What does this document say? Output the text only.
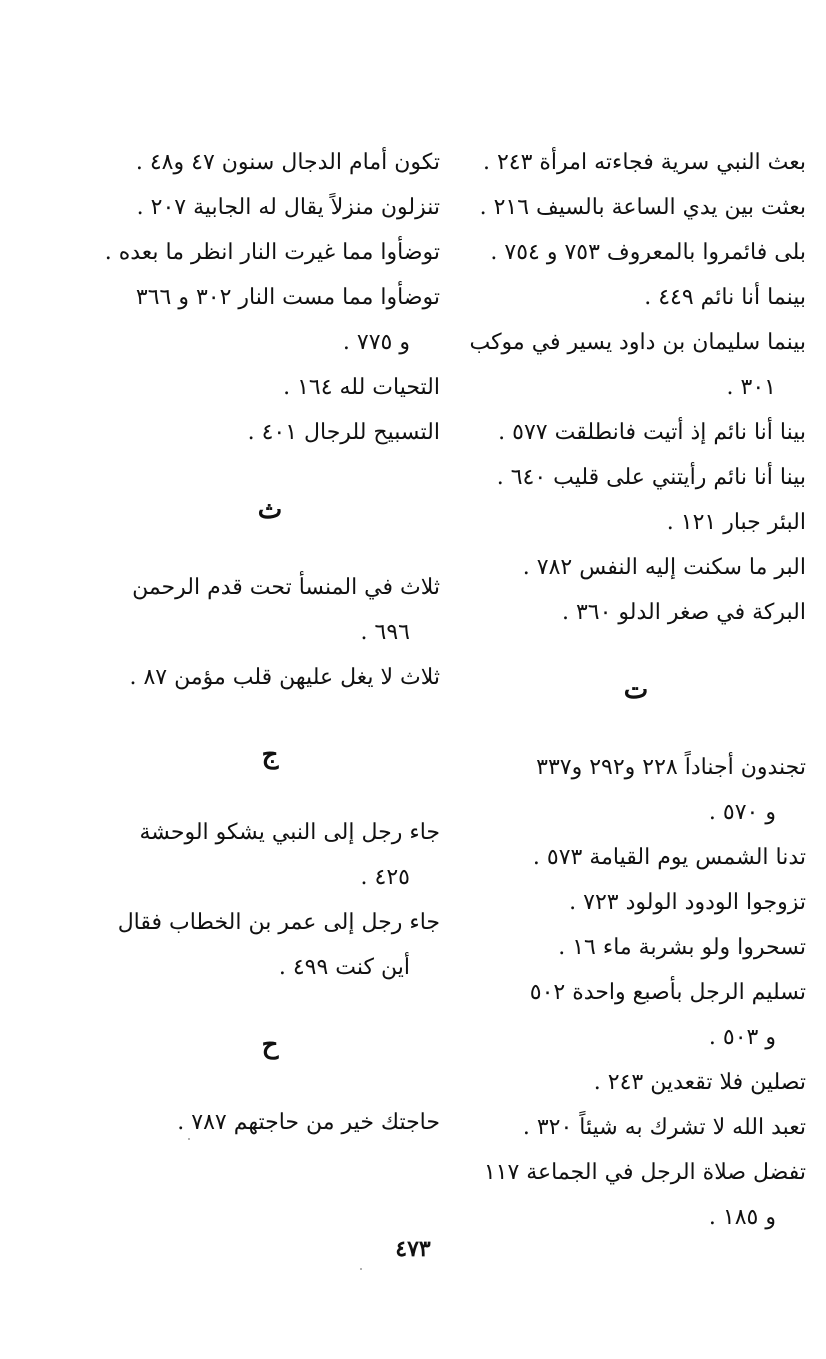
بعث النبي سرية فجاءته امرأة ٢٤٣ .

بعثت بين يدي الساعة بالسيف ٢١٦ .

بلى فائمروا بالمعروف ٧٥٣ و ٧٥٤ .

بينما أنا نائم ٤٤٩ .

بينما سليمان بن داود يسير في موكب
٣٠١ .

بينا أنا نائم إذ أتيت فانطلقت ٥٧٧ .

بينا أنا نائم رأيتني على قليب ٦٤٠ .

البئر جبار ١٢١ .

البر ما سكنت إليه النفس ٧٨٢ .

البركة في صغر الدلو ٣٦٠ .

ت

تجندون أجناداً ٢٢٨ و٢٩٢ و٣٣٧
و ٥٧٠ .

تدنا الشمس يوم القيامة ٥٧٣ .

تزوجوا الودود الولود ٧٢٣ .

تسحروا ولو بشربة ماء ١٦ .

تسليم الرجل بأصبع واحدة ٥٠٢
و ٥٠٣ .

تصلين فلا تقعدين ٢٤٣ .

تعبد الله لا تشرك به شيئاً ٣٢٠ .

تفضل صلاة الرجل في الجماعة ١١٧
و ١٨٥ .

تكون أمام الدجال سنون ٤٧ و٤٨ .

تنزلون منزلاً يقال له الجابية ٢٠٧ .

توضأوا مما غيرت النار انظر ما بعده .

توضأوا مما مست النار ٣٠٢ و ٣٦٦
و ٧٧٥ .

التحيات لله ١٦٤ .

التسبيح للرجال ٤٠١ .

ث

ثلاث في المنسأ تحت قدم الرحمن
٦٩٦ .

ثلاث لا يغل عليهن قلب مؤمن ٨٧ .

ج

جاء رجل إلى النبي يشكو الوحشة
٤٢٥ .

جاء رجل إلى عمر بن الخطاب فقال
أين كنت ٤٩٩ .

ح

حاجتك خير من حاجتهم ٧٨٧ .

٤٧٣
